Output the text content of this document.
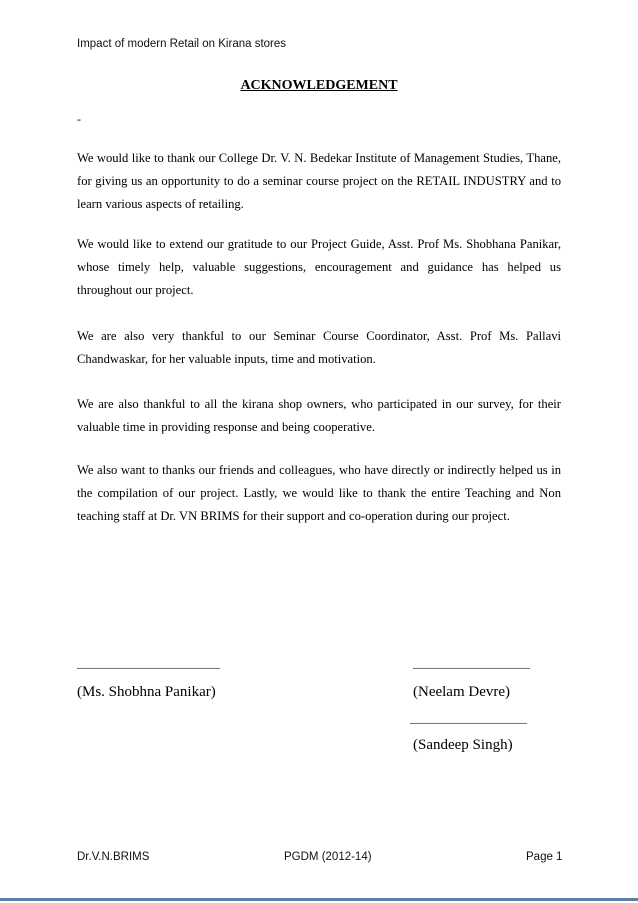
Impact of modern Retail on Kirana stores
ACKNOWLEDGEMENT
-

We would like to thank our College Dr. V. N. Bedekar Institute of Management Studies, Thane, for giving us an opportunity to do a seminar course project on the RETAIL INDUSTRY and to learn various aspects of retailing.

We would like to extend our gratitude to our Project Guide, Asst. Prof Ms. Shobhana Panikar, whose timely help, valuable suggestions, encouragement and guidance has helped us throughout our project.

We are also very thankful to our Seminar Course Coordinator, Asst. Prof Ms. Pallavi Chandwaskar, for her valuable inputs, time and motivation.

We are also thankful to all the kirana shop owners, who participated in our survey, for their valuable time in providing response and being cooperative.

We also want to thanks our friends and colleagues, who have directly or indirectly helped us in the compilation of our project. Lastly, we would like to thank the entire Teaching and Non teaching staff at Dr. VN BRIMS for their support and co-operation during our project.

______________________
(Ms. Shobhna Panikar)
__________________
(Neelam Devre)
__________________
(Sandeep Singh)
Dr.V.N.BRIMS	PGDM (2012-14)	Page 1
